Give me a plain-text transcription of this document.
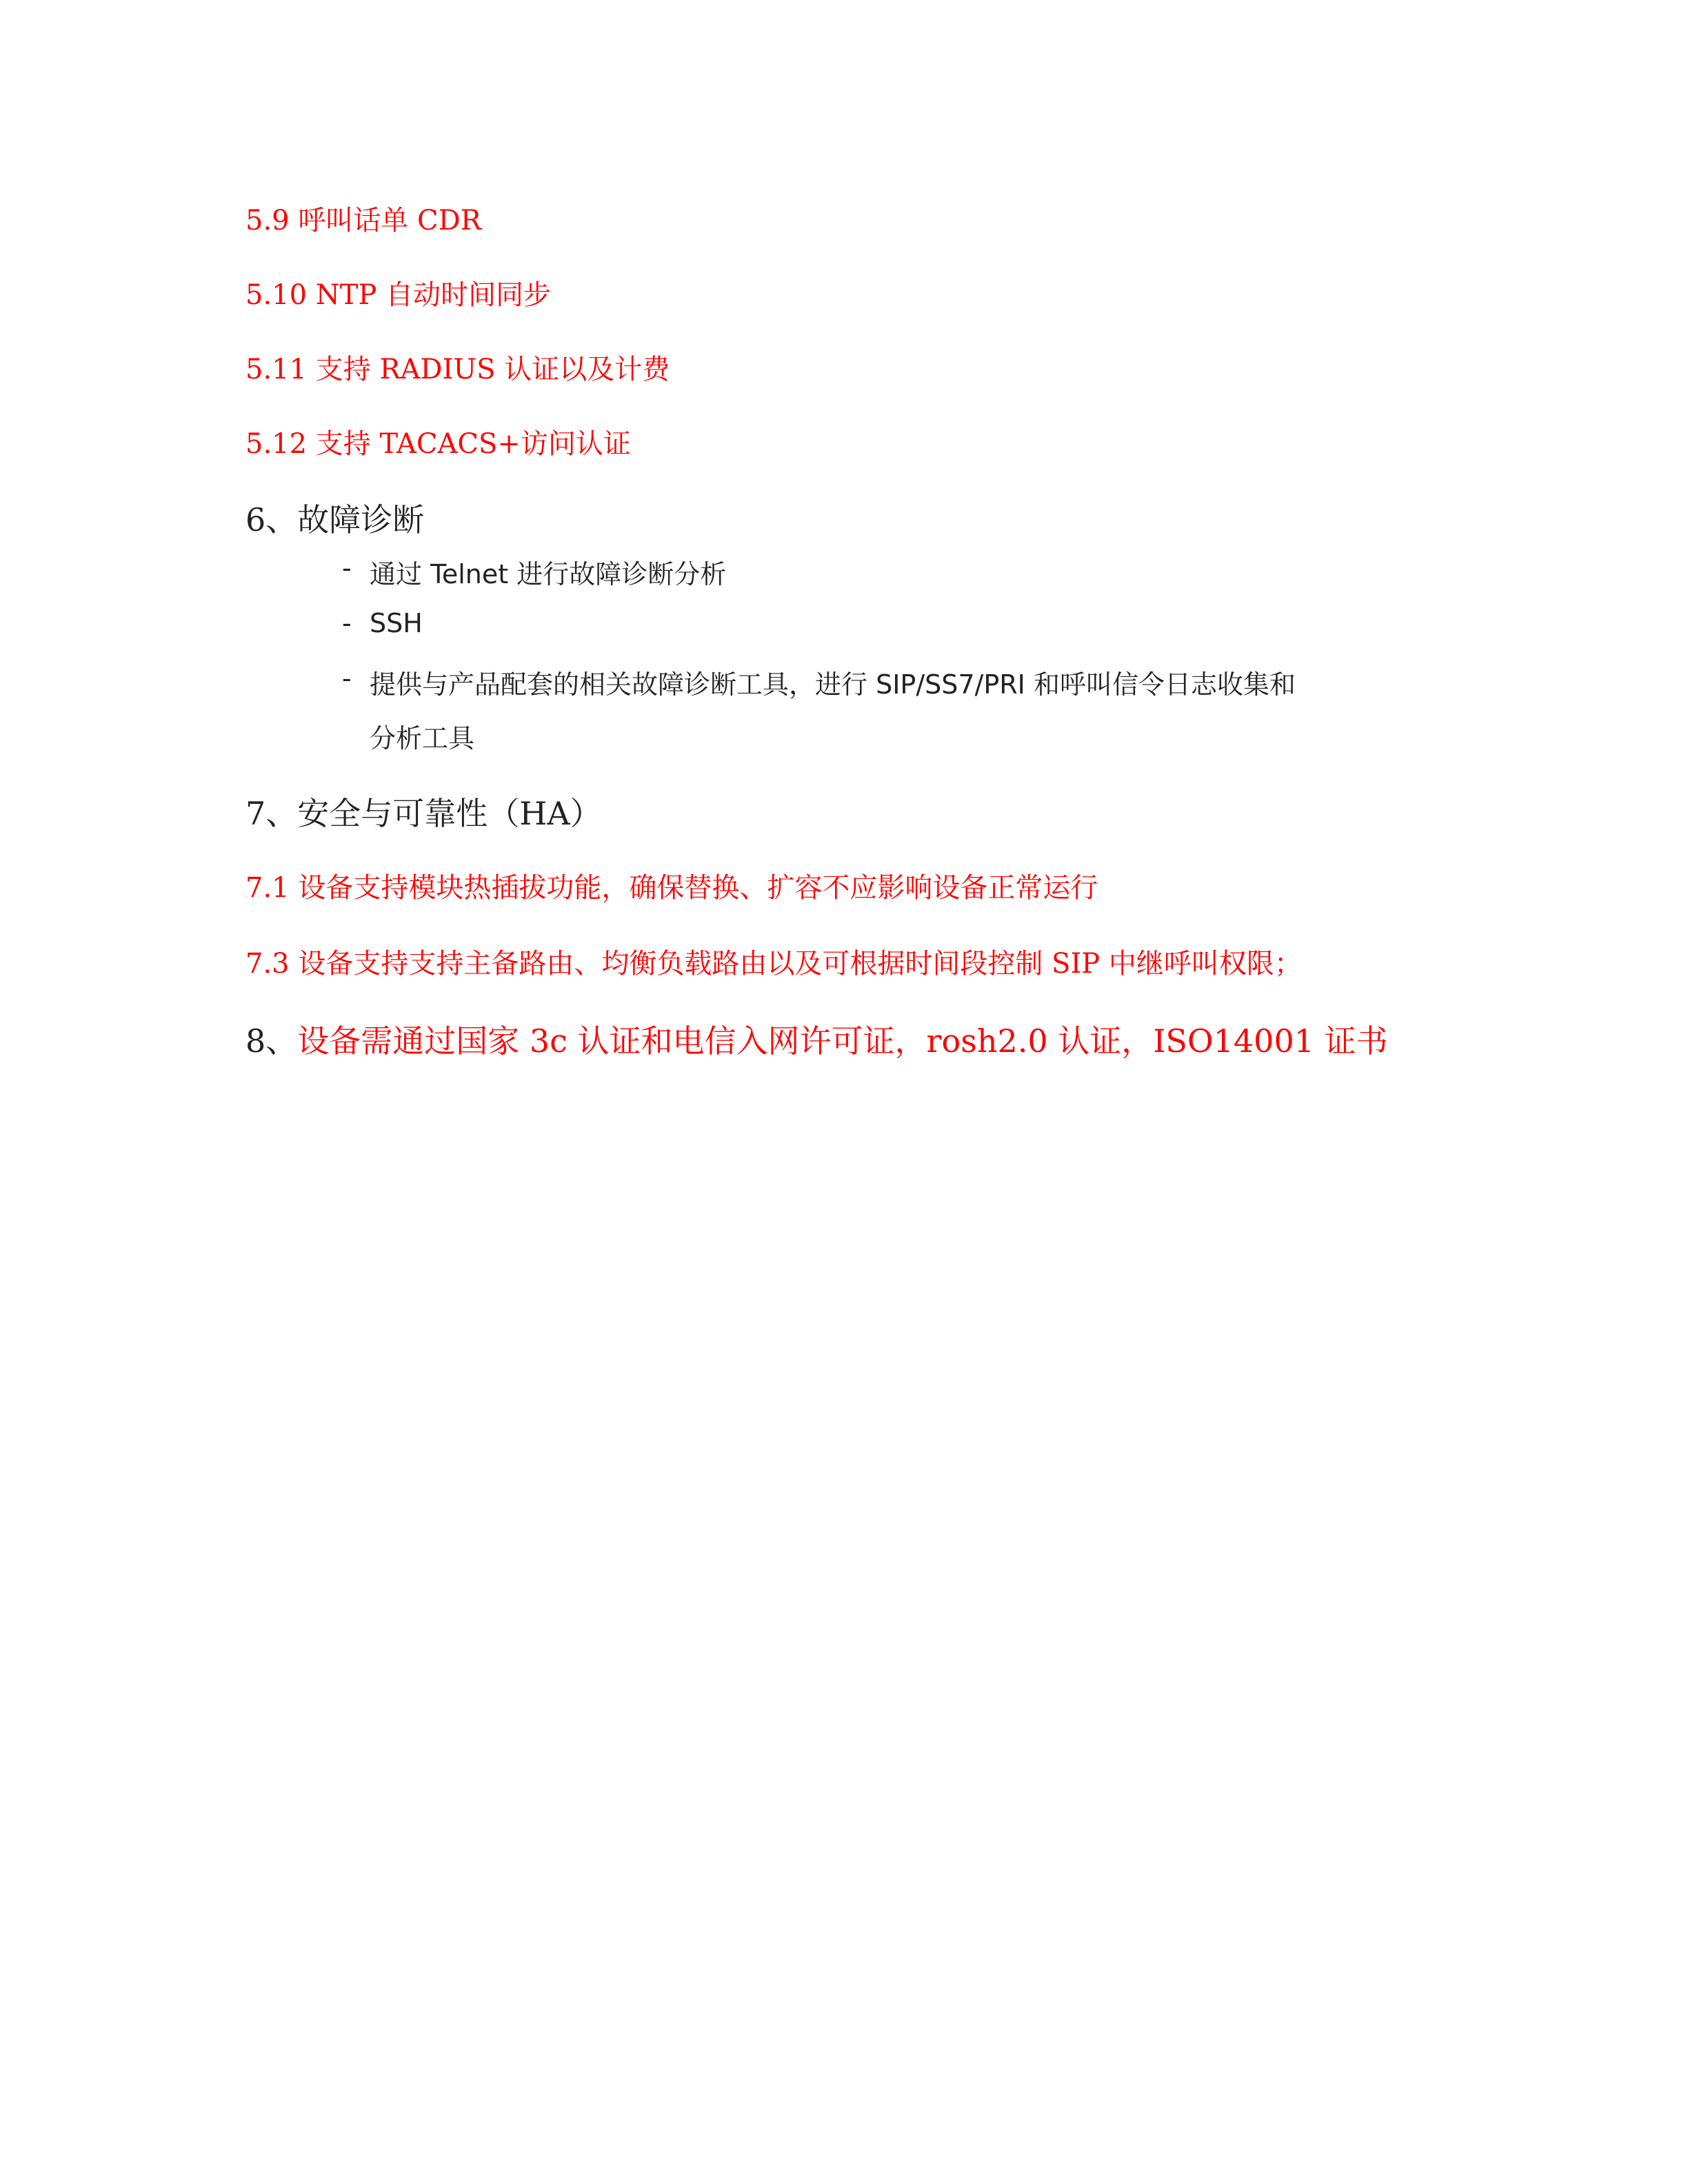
5.9 呼叫话单 CDR
5.10 NTP 自动时间同步
5.11 支持 RADIUS 认证以及计费
5.12 支持 TACACS+访问认证
6、故障诊断
- 通过 Telnet 进行故障诊断分析
- SSH
- 提供与产品配套的相关故障诊断工具，进行 SIP/SS7/PRI 和呼叫信令日志收集和
分析工具
7、安全与可靠性（HA）
7.1 设备支持模块热插拔功能，确保替换、扩容不应影响设备正常运行
7.3 设备支持支持主备路由、均衡负载路由以及可根据时间段控制 SIP 中继呼叫权限；
8、设备需通过国家 3c 认证和电信入网许可证，rosh2.0 认证，ISO14001 证书
